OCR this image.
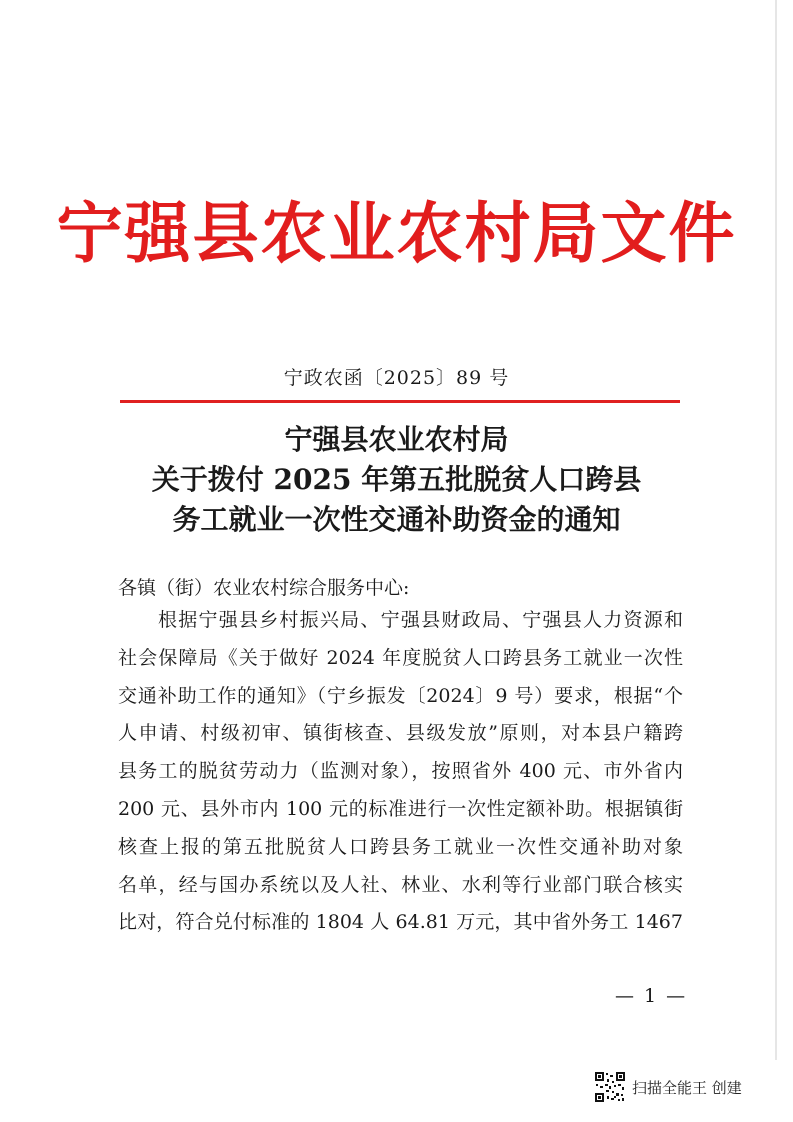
宁强县农业农村局文件
宁政农函〔2025〕89 号
宁强县农业农村局
关于拨付 2025 年第五批脱贫人口跨县
务工就业一次性交通补助资金的通知
各镇（街）农业农村综合服务中心:
根据宁强县乡村振兴局、宁强县财政局、宁强县人力资源和
社会保障局《关于做好 2024 年度脱贫人口跨县务工就业一次性
交通补助工作的通知》（宁乡振发〔2024〕9 号）要求，根据“个
人申请、村级初审、镇街核查、县级发放”原则，对本县户籍跨
县务工的脱贫劳动力（监测对象），按照省外 400 元、市外省内
200 元、县外市内 100 元的标准进行一次性定额补助。根据镇街
核查上报的第五批脱贫人口跨县务工就业一次性交通补助对象
名单，经与国办系统以及人社、林业、水利等行业部门联合核实
比对，符合兑付标准的 1804 人 64.81 万元，其中省外务工 1467
— 1 —
扫描全能王 创建
